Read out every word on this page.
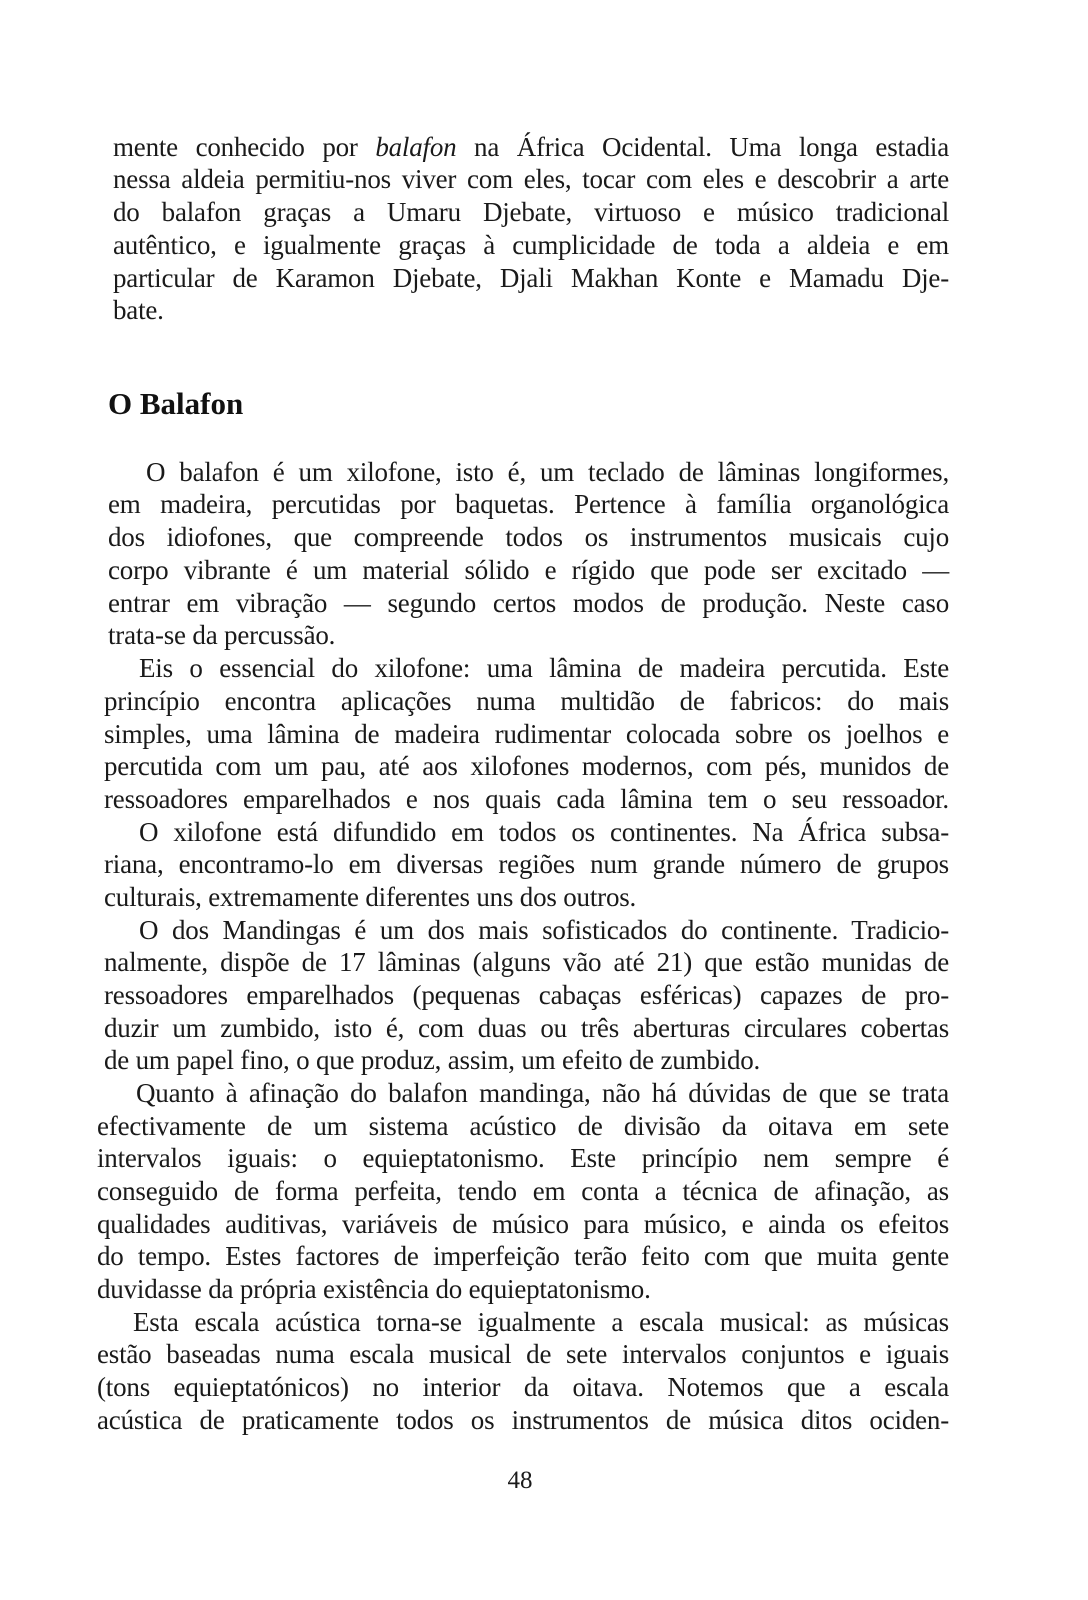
mente conhecido por balafon na África Ocidental. Uma longa estadia
nessa aldeia permitiu-nos viver com eles, tocar com eles e descobrir a arte
do balafon graças a Umaru Djebate, virtuoso e músico tradicional
autêntico, e igualmente graças à cumplicidade de toda a aldeia e em
particular de Karamon Djebate, Djali Makhan Konte e Mamadu Dje-
bate.
O Balafon
O balafon é um xilofone, isto é, um teclado de lâminas longiformes,
em madeira, percutidas por baquetas. Pertence à família organológica
dos idiofones, que compreende todos os instrumentos musicais cujo
corpo vibrante é um material sólido e rígido que pode ser excitado —
entrar em vibração — segundo certos modos de produção. Neste caso
trata-se da percussão.
Eis o essencial do xilofone: uma lâmina de madeira percutida. Este
princípio encontra aplicações numa multidão de fabricos: do mais
simples, uma lâmina de madeira rudimentar colocada sobre os joelhos e
percutida com um pau, até aos xilofones modernos, com pés, munidos de
ressoadores emparelhados e nos quais cada lâmina tem o seu ressoador.
O xilofone está difundido em todos os continentes. Na África subsa-
riana, encontramo-lo em diversas regiões num grande número de grupos
culturais, extremamente diferentes uns dos outros.
O dos Mandingas é um dos mais sofisticados do continente. Tradicio-
nalmente, dispõe de 17 lâminas (alguns vão até 21) que estão munidas de
ressoadores emparelhados (pequenas cabaças esféricas) capazes de pro-
duzir um zumbido, isto é, com duas ou três aberturas circulares cobertas
de um papel fino, o que produz, assim, um efeito de zumbido.
Quanto à afinação do balafon mandinga, não há dúvidas de que se trata
efectivamente de um sistema acústico de divisão da oitava em sete
intervalos iguais: o equieptatonismo. Este princípio nem sempre é
conseguido de forma perfeita, tendo em conta a técnica de afinação, as
qualidades auditivas, variáveis de músico para músico, e ainda os efeitos
do tempo. Estes factores de imperfeição terão feito com que muita gente
duvidasse da própria existência do equieptatonismo.
Esta escala acústica torna-se igualmente a escala musical: as músicas
estão baseadas numa escala musical de sete intervalos conjuntos e iguais
(tons equieptatónicos) no interior da oitava. Notemos que a escala
acústica de praticamente todos os instrumentos de música ditos ociden-
48
